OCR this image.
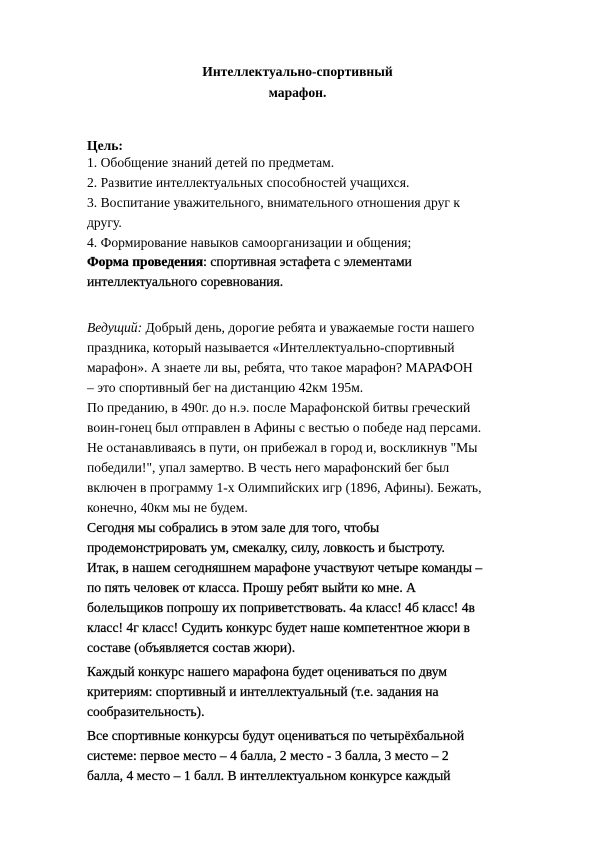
Интеллектуально-спортивный
марафон.
Цель:
1. Обобщение знаний детей по предметам.
2. Развитие интеллектуальных способностей учащихся.
3. Воспитание уважительного, внимательного отношения друг к
другу.
4. Формирование навыков самоорганизации и общения;
Форма проведения: спортивная эстафета с элементами
интеллектуального соревнования.
Ведущий: Добрый день, дорогие ребята и уважаемые гости нашего
праздника, который называется «Интеллектуально-спортивный
марафон». А знаете ли вы, ребята, что такое марафон? МАРАФОН
– это спортивный бег на дистанцию 42км 195м.
По преданию, в 490г. до н.э. после Марафонской битвы греческий
воин-гонец был отправлен в Афины с вестью о победе над персами.
Не останавливаясь в пути, он прибежал в город и, воскликнув "Мы
победили!", упал замертво. В честь него марафонский бег был
включен в программу 1-х Олимпийских игр (1896, Афины). Бежать,
конечно, 40км мы не будем.
Сегодня мы собрались в этом зале для того, чтобы
продемонстрировать ум, смекалку, силу, ловкость и быстроту.
Итак, в нашем сегодняшнем марафоне участвуют четыре команды –
по пять человек от класса. Прошу ребят выйти ко мне. А
болельщиков попрошу их поприветствовать. 4а класс! 4б класс! 4в
класс! 4г класс! Судить конкурс будет наше компетентное жюри в
составе (объявляется состав жюри).
Каждый конкурс нашего марафона будет оцениваться по двум
критериям: спортивный и интеллектуальный (т.е. задания на
сообразительность).
Все спортивные конкурсы будут оцениваться по четырёхбальной
системе: первое место – 4 балла, 2 место - 3 балла, 3 место – 2
балла, 4 место – 1 балл. В интеллектуальном конкурсе каждый
